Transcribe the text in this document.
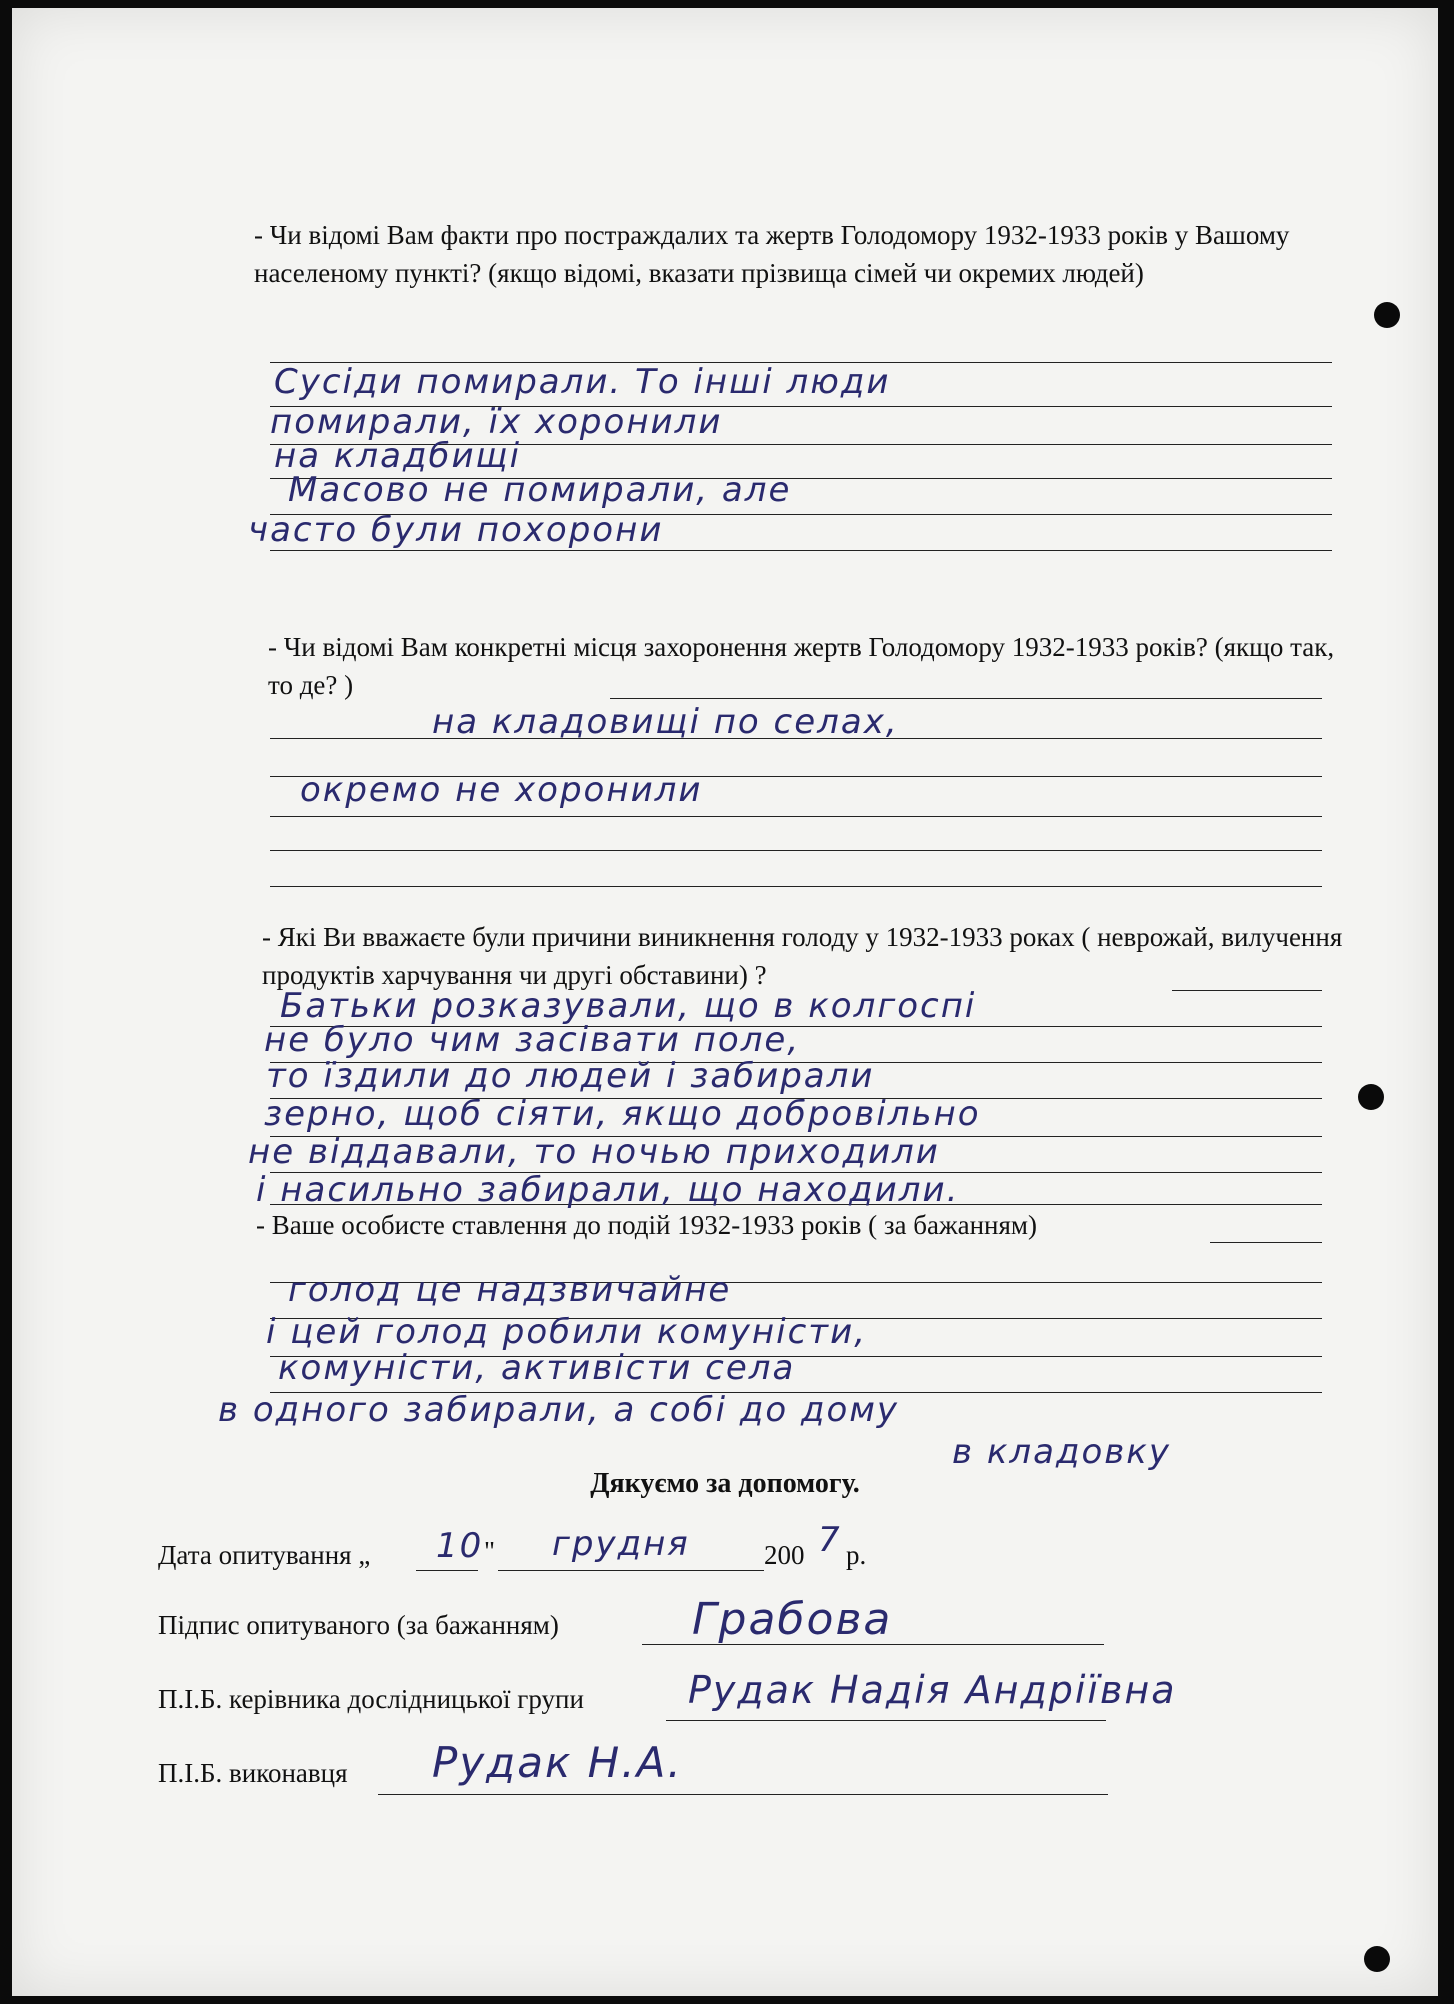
- Чи відомі Вам факти про постраждалих та жертв Голодомору 1932-1933 років у Вашому населеному пункті? (якщо відомі, вказати прізвища сімей чи окремих людей)
Сусіди помирали. То інші люди
помирали, їх хоронили
на кладбищі
Масово не помирали, але
часто були похорони
- Чи відомі Вам конкретні місця захоронення жертв Голодомору 1932-1933 років? (якщо так, то де? )
на кладовищі по селах,
окремо не хоронили
- Які Ви вважаєте були причини виникнення голоду у 1932-1933 роках ( неврожай, вилучення продуктів харчування чи другі обставини) ?
Батьки розказували, що в колгоспі
не було чим засівати поле,
то їздили до людей і забирали
зерно, щоб сіяти, якщо добровільно
не віддавали, то ночью приходили
і насильно забирали, що находили.
- Ваше особисте ставлення до подій 1932-1933 років ( за бажанням)
голод це надзвичайне
і цей голод робили комуністи,
комуністи, активісти села
в одного забирали, а собі до дому
в кладовку
Дякуємо за допомогу.
Дата опитування „ 10 " грудня	200 7 р.
Підпис опитуваного (за бажанням)	Грабова
П.І.Б. керівника дослідницької групи	Рудак Надія Андріївна
П.І.Б. виконавця Рудак Н.А.
